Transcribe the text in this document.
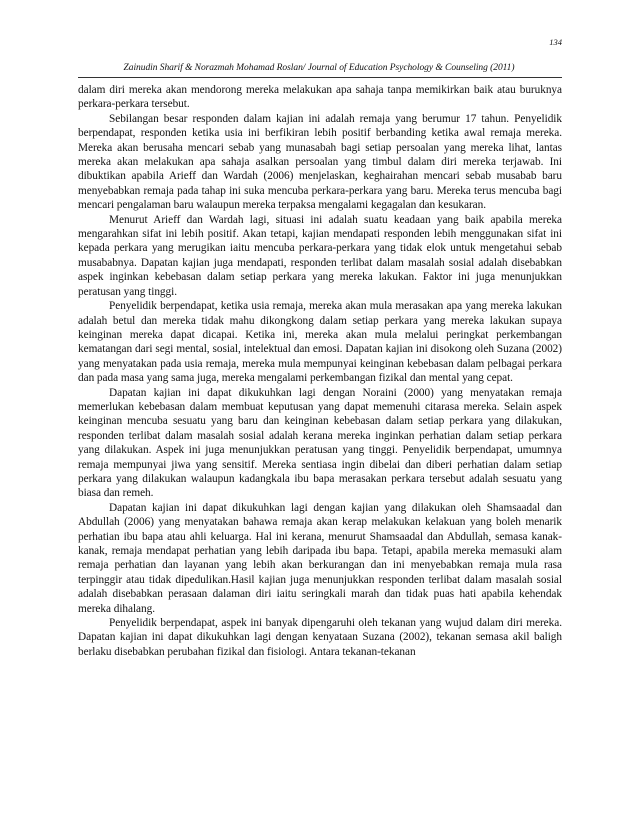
134
Zainudin Sharif & Norazmah Mohamad Roslan/ Journal of Education Psychology & Counseling (2011)

dalam diri mereka akan mendorong mereka melakukan apa sahaja tanpa memikirkan baik atau buruknya perkara-perkara tersebut.

Sebilangan besar responden dalam kajian ini adalah remaja yang berumur 17 tahun. Penyelidik berpendapat, responden ketika usia ini berfikiran lebih positif berbanding ketika awal remaja mereka. Mereka akan berusaha mencari sebab yang munasabah bagi setiap persoalan yang mereka lihat, lantas mereka akan melakukan apa sahaja asalkan persoalan yang timbul dalam diri mereka terjawab. Ini dibuktikan apabila Arieff dan Wardah (2006) menjelaskan, keghairahan mencari sebab musabab baru menyebabkan remaja pada tahap ini suka mencuba perkara-perkara yang baru. Mereka terus mencuba bagi mencari pengalaman baru walaupun mereka terpaksa mengalami kegagalan dan kesukaran.

Menurut Arieff dan Wardah lagi, situasi ini adalah suatu keadaan yang baik apabila mereka mengarahkan sifat ini lebih positif. Akan tetapi, kajian mendapati responden lebih menggunakan sifat ini kepada perkara yang merugikan iaitu mencuba perkara-perkara yang tidak elok untuk mengetahui sebab musababnya. Dapatan kajian juga mendapati, responden terlibat dalam masalah sosial adalah disebabkan aspek inginkan kebebasan dalam setiap perkara yang mereka lakukan. Faktor ini juga menunjukkan peratusan yang tinggi.

Penyelidik berpendapat, ketika usia remaja, mereka akan mula merasakan apa yang mereka lakukan adalah betul dan mereka tidak mahu dikongkong dalam setiap perkara yang mereka lakukan supaya keinginan mereka dapat dicapai. Ketika ini, mereka akan mula melalui peringkat perkembangan kematangan dari segi mental, sosial, intelektual dan emosi. Dapatan kajian ini disokong oleh Suzana (2002) yang menyatakan pada usia remaja, mereka mula mempunyai keinginan kebebasan dalam pelbagai perkara dan pada masa yang sama juga, mereka mengalami perkembangan fizikal dan mental yang cepat.

Dapatan kajian ini dapat dikukuhkan lagi dengan Noraini (2000) yang menyatakan remaja memerlukan kebebasan dalam membuat keputusan yang dapat memenuhi citarasa mereka. Selain aspek keinginan mencuba sesuatu yang baru dan keinginan kebebasan dalam setiap perkara yang dilakukan, responden terlibat dalam masalah sosial adalah kerana mereka inginkan perhatian dalam setiap perkara yang dilakukan. Aspek ini juga menunjukkan peratusan yang tinggi. Penyelidik berpendapat, umumnya remaja mempunyai jiwa yang sensitif. Mereka sentiasa ingin dibelai dan diberi perhatian dalam setiap perkara yang dilakukan walaupun kadangkala ibu bapa merasakan perkara tersebut adalah sesuatu yang biasa dan remeh.

Dapatan kajian ini dapat dikukuhkan lagi dengan kajian yang dilakukan oleh Shamsaadal dan Abdullah (2006) yang menyatakan bahawa remaja akan kerap melakukan kelakuan yang boleh menarik perhatian ibu bapa atau ahli keluarga. Hal ini kerana, menurut Shamsaadal dan Abdullah, semasa kanak-kanak, remaja mendapat perhatian yang lebih daripada ibu bapa. Tetapi, apabila mereka memasuki alam remaja perhatian dan layanan yang lebih akan berkurangan dan ini menyebabkan remaja mula rasa terpinggir atau tidak dipedulikan.Hasil kajian juga menunjukkan responden terlibat dalam masalah sosial adalah disebabkan perasaan dalaman diri iaitu seringkali marah dan tidak puas hati apabila kehendak mereka dihalang.

Penyelidik berpendapat, aspek ini banyak dipengaruhi oleh tekanan yang wujud dalam diri mereka. Dapatan kajian ini dapat dikukuhkan lagi dengan kenyataan Suzana (2002), tekanan semasa akil baligh berlaku disebabkan perubahan fizikal dan fisiologi. Antara tekanan-tekanan
